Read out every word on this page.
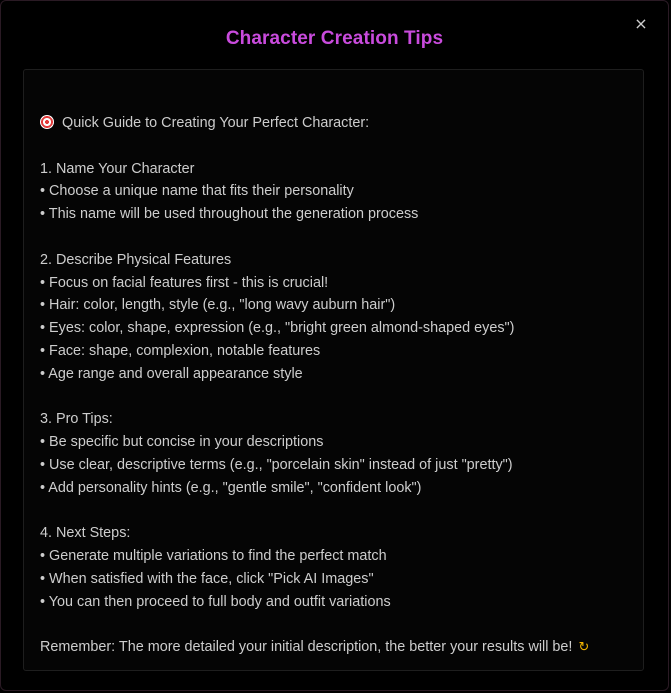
×
Character Creation Tips
Quick Guide to Creating Your Perfect Character:
1. Name Your Character
• Choose a unique name that fits their personality
• This name will be used throughout the generation process
2. Describe Physical Features
• Focus on facial features first - this is crucial!
• Hair: color, length, style (e.g., "long wavy auburn hair")
• Eyes: color, shape, expression (e.g., "bright green almond-shaped eyes")
• Face: shape, complexion, notable features
• Age range and overall appearance style
3. Pro Tips:
• Be specific but concise in your descriptions
• Use clear, descriptive terms (e.g., "porcelain skin" instead of just "pretty")
• Add personality hints (e.g., "gentle smile", "confident look")
4. Next Steps:
• Generate multiple variations to find the perfect match
• When satisfied with the face, click "Pick AI Images"
• You can then proceed to full body and outfit variations
Remember: The more detailed your initial description, the better your results will be! ↻
